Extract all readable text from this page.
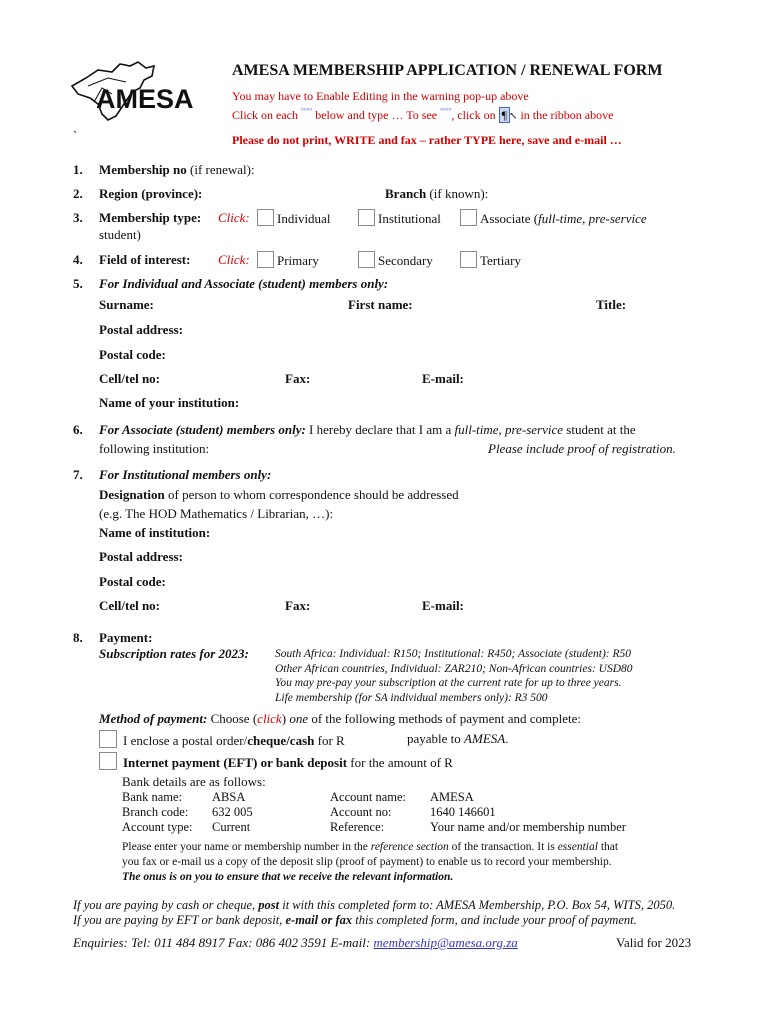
AMESA
AMESA MEMBERSHIP APPLICATION / RENEWAL FORM
You may have to Enable Editing in the warning pop-up above
Click on each °°°° below and type … To see °°°°, click on ¶ ↖ in the ribbon above
`	Please do not print, WRITE and fax – rather TYPE here, save and e-mail …
1. Membership no (if renewal):
2. Region (province):	Branch (if known):
3. Membership type: Click:	Individual	Institutional	Associate (full-time, pre-service
student)
4. Field of interest: Click:	Primary	Secondary	Tertiary
5. For Individual and Associate (student) members only:
Surname:	First name:	Title:
Postal address:
Postal code:
Cell/tel no:	Fax:	E-mail:
Name of your institution:
6. For Associate (student) members only: I hereby declare that I am a full-time, pre-service student at the
following institution:	Please include proof of registration.
7. For Institutional members only:
Designation of person to whom correspondence should be addressed
(e.g. The HOD Mathematics / Librarian, …):
Name of institution:
Postal address:
Postal code:
Cell/tel no:	Fax:	E-mail:
8. Payment:
Subscription rates for 2023: South Africa: Individual: R150; Institutional: R450; Associate (student): R50
Other African countries, Individual: ZAR210; Non-African countries: USD80
You may pre-pay your subscription at the current rate for up to three years.
Life membership (for SA individual members only): R3 500
Method of payment: Choose (click) one of the following methods of payment and complete:
I enclose a postal order/cheque/cash for R	payable to AMESA.
Internet payment (EFT) or bank deposit for the amount of R
Bank details are as follows:
Bank name: ABSA	Account name: AMESA
Branch code: 632 005	Account no:	1640 146601
Account type: Current	Reference:	Your name and/or membership number
Please enter your name or membership number in the reference section of the transaction. It is essential that
you fax or e-mail us a copy of the deposit slip (proof of payment) to enable us to record your membership.
The onus is on you to ensure that we receive the relevant information.
If you are paying by cash or cheque, post it with this completed form to: AMESA Membership, P.O. Box 54, WITS, 2050.
If you are paying by EFT or bank deposit, e-mail or fax this completed form, and include your proof of payment.
Enquiries: Tel: 011 484 8917 Fax: 086 402 3591 E-mail: membership@amesa.org.za	Valid for 2023
